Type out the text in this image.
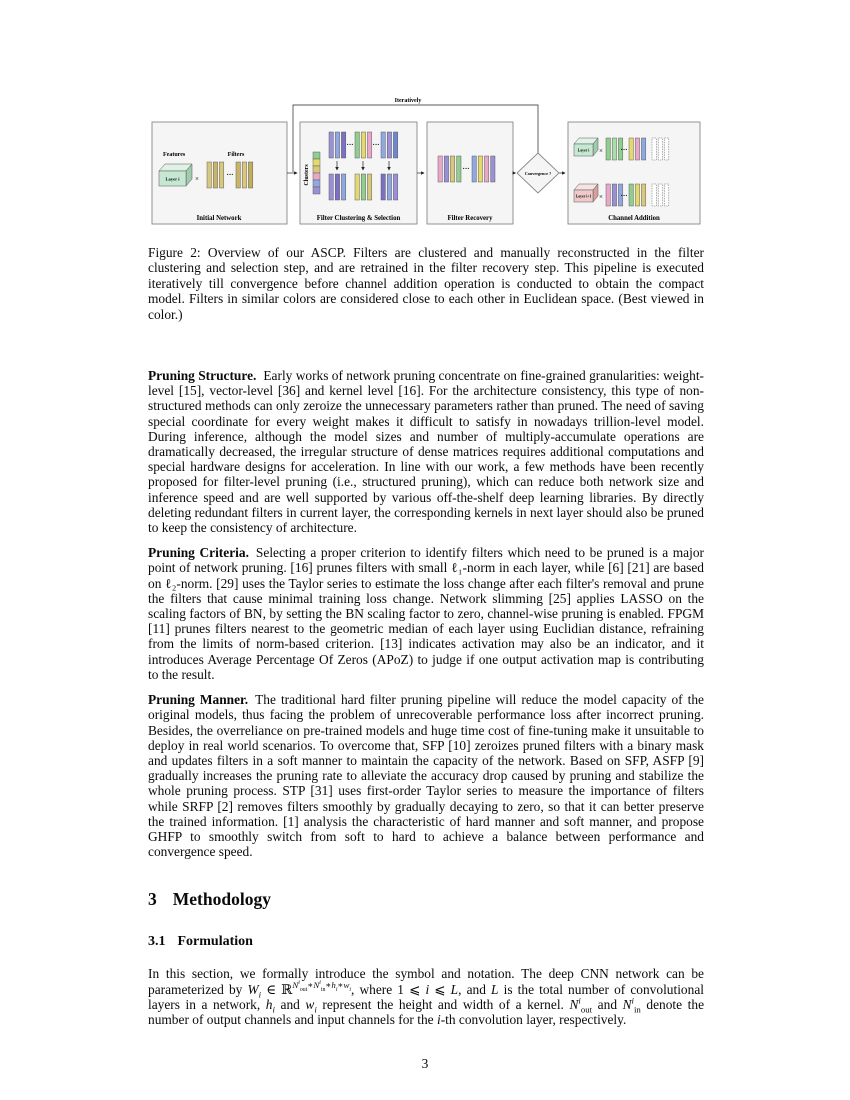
Iteratively
Convergence ?
Features	Filters
Layer i ×	···
Initial Network
Clusters
···	···
Filter Clustering & Selection
···
Filter Recovery
Layer i ×	···
Layer i+1 ×	···
Channel Addition

Figure 2: Overview of our ASCP. Filters are clustered and manually reconstructed in the filter clustering and selection step, and are retrained in the filter recovery step. This pipeline is executed iteratively till convergence before channel addition operation is conducted to obtain the compact model. Filters in similar colors are considered close to each other in Euclidean space. (Best viewed in color.)

Pruning Structure. Early works of network pruning concentrate on fine-grained granularities: weight-level [15], vector-level [36] and kernel level [16]. For the architecture consistency, this type of non-structured methods can only zeroize the unnecessary parameters rather than pruned. The need of saving special coordinate for every weight makes it difficult to satisfy in nowadays trillion-level model. During inference, although the model sizes and number of multiply-accumulate operations are dramatically decreased, the irregular structure of dense matrices requires additional computations and special hardware designs for acceleration. In line with our work, a few methods have been recently proposed for filter-level pruning (i.e., structured pruning), which can reduce both network size and inference speed and are well supported by various off-the-shelf deep learning libraries. By directly deleting redundant filters in current layer, the corresponding kernels in next layer should also be pruned to keep the consistency of architecture.

Pruning Criteria. Selecting a proper criterion to identify filters which need to be pruned is a major point of network pruning. [16] prunes filters with small ℓ₁-norm in each layer, while [6] [21] are based on ℓ₂-norm. [29] uses the Taylor series to estimate the loss change after each filter's removal and prune the filters that cause minimal training loss change. Network slimming [25] applies LASSO on the scaling factors of BN, by setting the BN scaling factor to zero, channel-wise pruning is enabled. FPGM [11] prunes filters nearest to the geometric median of each layer using Euclidian distance, refraining from the limits of norm-based criterion. [13] indicates activation may also be an indicator, and it introduces Average Percentage Of Zeros (APoZ) to judge if one output activation map is contributing to the result.

Pruning Manner. The traditional hard filter pruning pipeline will reduce the model capacity of the original models, thus facing the problem of unrecoverable performance loss after incorrect pruning. Besides, the overreliance on pre-trained models and huge time cost of fine-tuning make it unsuitable to deploy in real world scenarios. To overcome that, SFP [10] zeroizes pruned filters with a binary mask and updates filters in a soft manner to maintain the capacity of the network. Based on SFP, ASFP [9] gradually increases the pruning rate to alleviate the accuracy drop caused by pruning and stabilize the whole pruning process. STP [31] uses first-order Taylor series to measure the importance of filters while SRFP [2] removes filters smoothly by gradually decaying to zero, so that it can better preserve the trained information. [1] analysis the characteristic of hard manner and soft manner, and propose GHFP to smoothly switch from soft to hard to achieve a balance between performance and convergence speed.

3 Methodology
3.1 Formulation

In this section, we formally introduce the symbol and notation. The deep CNN network can be parameterized by $W_i$ ∈ ℝ$^{N^i_{out}∗N^i_{in}∗h_i∗w_i}$, where 1 ⩽ i ⩽ L, and L is the total number of convolutional layers in a network, $h_i$ and $w_i$ represent the height and width of a kernel. $N^i_{out}$ and $N^i_{in}$ denote the number of output channels and input channels for the i-th convolution layer, respectively.

3
